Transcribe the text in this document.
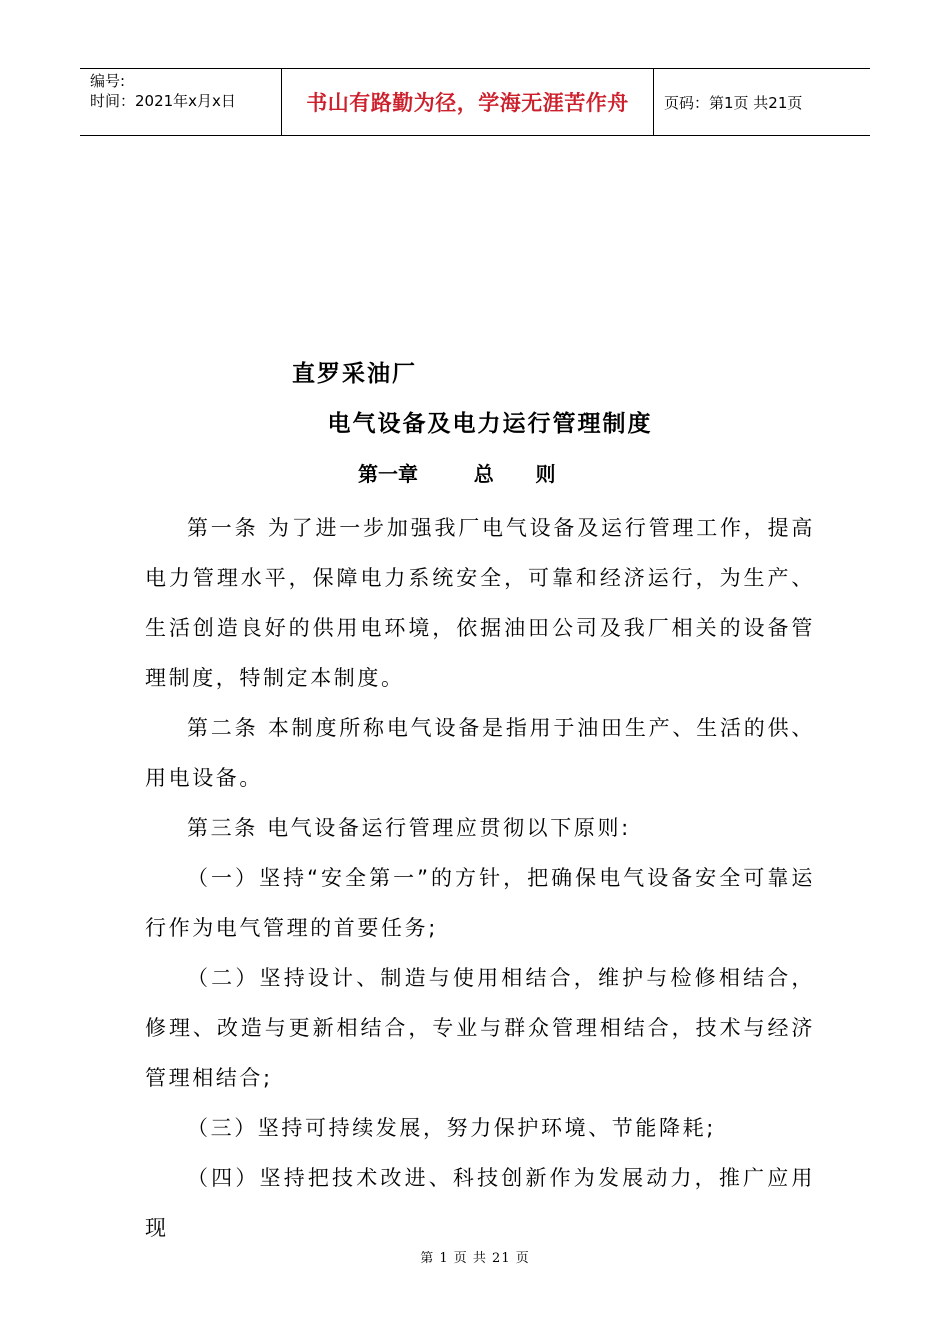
编号:
时间：2021年x月x日	书山有路勤为径，学海无涯苦作舟	页码：第1页 共21页
直罗采油厂
电气设备及电力运行管理制度
第一章        总      则

第一条 为了进一步加强我厂电气设备及运行管理工作，提高电力管理水平，保障电力系统安全，可靠和经济运行，为生产、生活创造良好的供用电环境，依据油田公司及我厂相关的设备管理制度，特制定本制度。

第二条 本制度所称电气设备是指用于油田生产、生活的供、用电设备。

第三条 电气设备运行管理应贯彻以下原则:

（一）坚持“安全第一”的方针，把确保电气设备安全可靠运行作为电气管理的首要任务;

（二）坚持设计、制造与使用相结合，维护与检修相结合，修理、改造与更新相结合，专业与群众管理相结合，技术与经济管理相结合;

（三）坚持可持续发展，努力保护环境、节能降耗;

（四）坚持把技术改进、科技创新作为发展动力，推广应用现

第 1 页 共 21 页
